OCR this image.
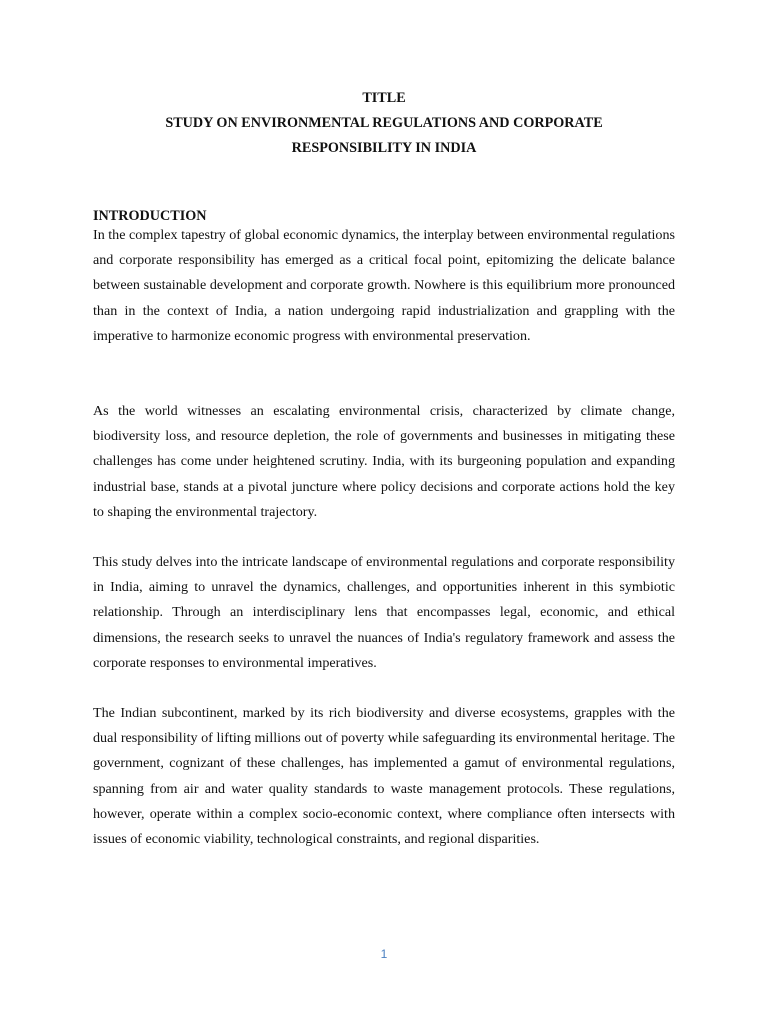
TITLE
STUDY ON ENVIRONMENTAL REGULATIONS AND CORPORATE
RESPONSIBILITY IN INDIA
INTRODUCTION

In the complex tapestry of global economic dynamics, the interplay between environmental regulations and corporate responsibility has emerged as a critical focal point, epitomizing the delicate balance between sustainable development and corporate growth. Nowhere is this equilibrium more pronounced than in the context of India, a nation undergoing rapid industrialization and grappling with the imperative to harmonize economic progress with environmental preservation.

As the world witnesses an escalating environmental crisis, characterized by climate change, biodiversity loss, and resource depletion, the role of governments and businesses in mitigating these challenges has come under heightened scrutiny. India, with its burgeoning population and expanding industrial base, stands at a pivotal juncture where policy decisions and corporate actions hold the key to shaping the environmental trajectory.

This study delves into the intricate landscape of environmental regulations and corporate responsibility in India, aiming to unravel the dynamics, challenges, and opportunities inherent in this symbiotic relationship. Through an interdisciplinary lens that encompasses legal, economic, and ethical dimensions, the research seeks to unravel the nuances of India's regulatory framework and assess the corporate responses to environmental imperatives.

The Indian subcontinent, marked by its rich biodiversity and diverse ecosystems, grapples with the dual responsibility of lifting millions out of poverty while safeguarding its environmental heritage. The government, cognizant of these challenges, has implemented a gamut of environmental regulations, spanning from air and water quality standards to waste management protocols. These regulations, however, operate within a complex socio-economic context, where compliance often intersects with issues of economic viability, technological constraints, and regional disparities.

1
